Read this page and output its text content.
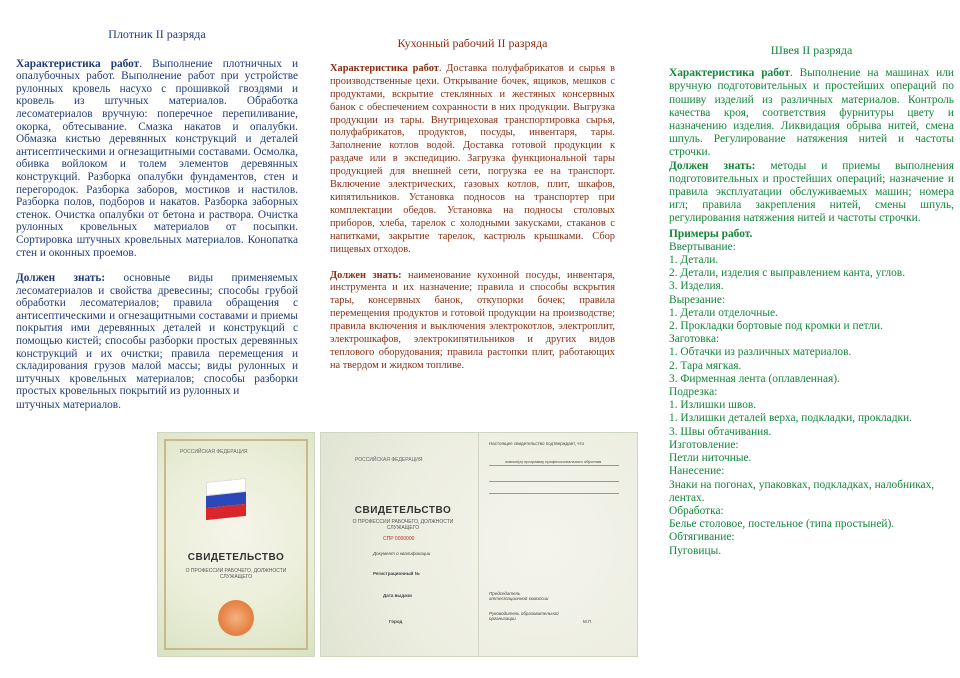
Плотник II разряда

Характеристика работ. Выполнение плотничных и опалубочных работ. Выполнение работ при устройстве рулонных кровель насухо с прошивкой гвоздями и кровель из штучных материалов. Обработка лесоматериалов вручную: поперечное перепиливание, окорка, обтесывание. Смазка накатов и опалубки. Обмазка кистью деревянных конструкций и деталей антисептическими и огнезащитными составами. Осмолка, обивка войлоком и толем элементов деревянных конструкций. Разборка опалубки фундаментов, стен и перегородок. Разборка заборов, мостиков и настилов. Разборка полов, подборов и накатов. Разборка заборных стенок. Очистка опалубки от бетона и раствора. Очистка рулонных кровельных материалов от посыпки. Сортировка штучных кровельных материалов. Конопатка стен и оконных проемов.

Должен знать: основные виды применяемых лесоматериалов и свойства древесины; способы грубой обработки лесоматериалов; правила обращения с антисептическими и огнезащитными составами и приемы покрытия ими деревянных деталей и конструкций с помощью кистей; способы разборки простых деревянных конструкций и их очистки; правила перемещения и складирования грузов малой массы; виды рулонных и штучных кровельных материалов; способы разборки простых кровельных покрытий из рулонных и

штучных материалов.
Кухонный рабочий II разряда

Характеристика работ. Доставка полуфабрикатов и сырья в производственные цехи. Открывание бочек, ящиков, мешков с продуктами, вскрытие стеклянных и жестяных консервных банок с обеспечением сохранности в них продукции. Выгрузка продукции из тары. Внутрицеховая транспортировка сырья, полуфабрикатов, продуктов, посуды, инвентаря, тары. Заполнение котлов водой. Доставка готовой продукции к раздаче или в экспедицию. Загрузка функциональной тары продукцией для внешней сети, погрузка ее на транспорт. Включение электрических, газовых котлов, плит, шкафов, кипятильников. Установка подносов на транспортер при комплектации обедов. Установка на подносы столовых приборов, хлеба, тарелок с холодными закусками, стаканов с напитками, закрытие тарелок, кастрюль крышками. Сбор пищевых отходов.

Должен знать: наименование кухонной посуды, инвентаря, инструмента и их назначение; правила и способы вскрытия тары, консервных банок, откупорки бочек; правила перемещения продуктов и готовой продукции на производстве; правила включения и выключения электрокотлов, электроплит, электрошкафов, электрокипятильников и других видов теплового оборудования; правила растопки плит, работающих на твердом и жидком топливе.

Швея II разряда

Характеристика работ. Выполнение на машинах или вручную подготовительных и простейших операций по пошиву изделий из различных материалов. Контроль качества кроя, соответствия фурнитуры цвету и назначению изделия. Ликвидация обрыва нитей, смена шпуль. Регулирование натяжения нитей и частоты строчки.

Должен знать: методы и приемы выполнения подготовительных и простейших операций; назначение и правила эксплуатации обслуживаемых машин; номера игл; правила закрепления нитей, смены шпуль, регулирования натяжения нитей и частоты строчки.

Примеры работ.
Ввертывание:
1. Детали.
2. Детали, изделия с выправлением канта, углов.
3. Изделия.
Вырезание:
1. Детали отделочные.
2. Прокладки бортовые под кромки и петли.
Заготовка:
1. Обтачки из различных материалов.
2. Тара мягкая.
3. Фирменная лента (оплавленная).
Подрезка:
1. Излишки швов.
1. Излишки деталей верха, подкладки, прокладки.
3. Швы обтачивания.
Изготовление:
Петли ниточные.
Нанесение:
Знаки на погонах, упаковках, подкладках, налобниках, лентах.
Обработка:
Белье столовое, постельное (типа простыней).
Обтягивание:
Пуговицы.
РОССИЙСКАЯ ФЕДЕРАЦИЯ
СВИДЕТЕЛЬСТВО
О ПРОФЕССИИ РАБОЧЕГО, ДОЛЖНОСТИ СЛУЖАЩЕГО
РОССИЙСКАЯ ФЕДЕРАЦИЯ
СВИДЕТЕЛЬСТВО
О ПРОФЕССИИ РАБОЧЕГО, ДОЛЖНОСТИ СЛУЖАЩЕГО
СПР 0000000
Документ о квалификации
Регистрационный №
Дата выдачи
Город
Настоящее свидетельство подтверждает, что
освоил(а) программу профессионального обучения
Председатель аттестационной комиссии
Руководитель образовательной организации
М.П.
